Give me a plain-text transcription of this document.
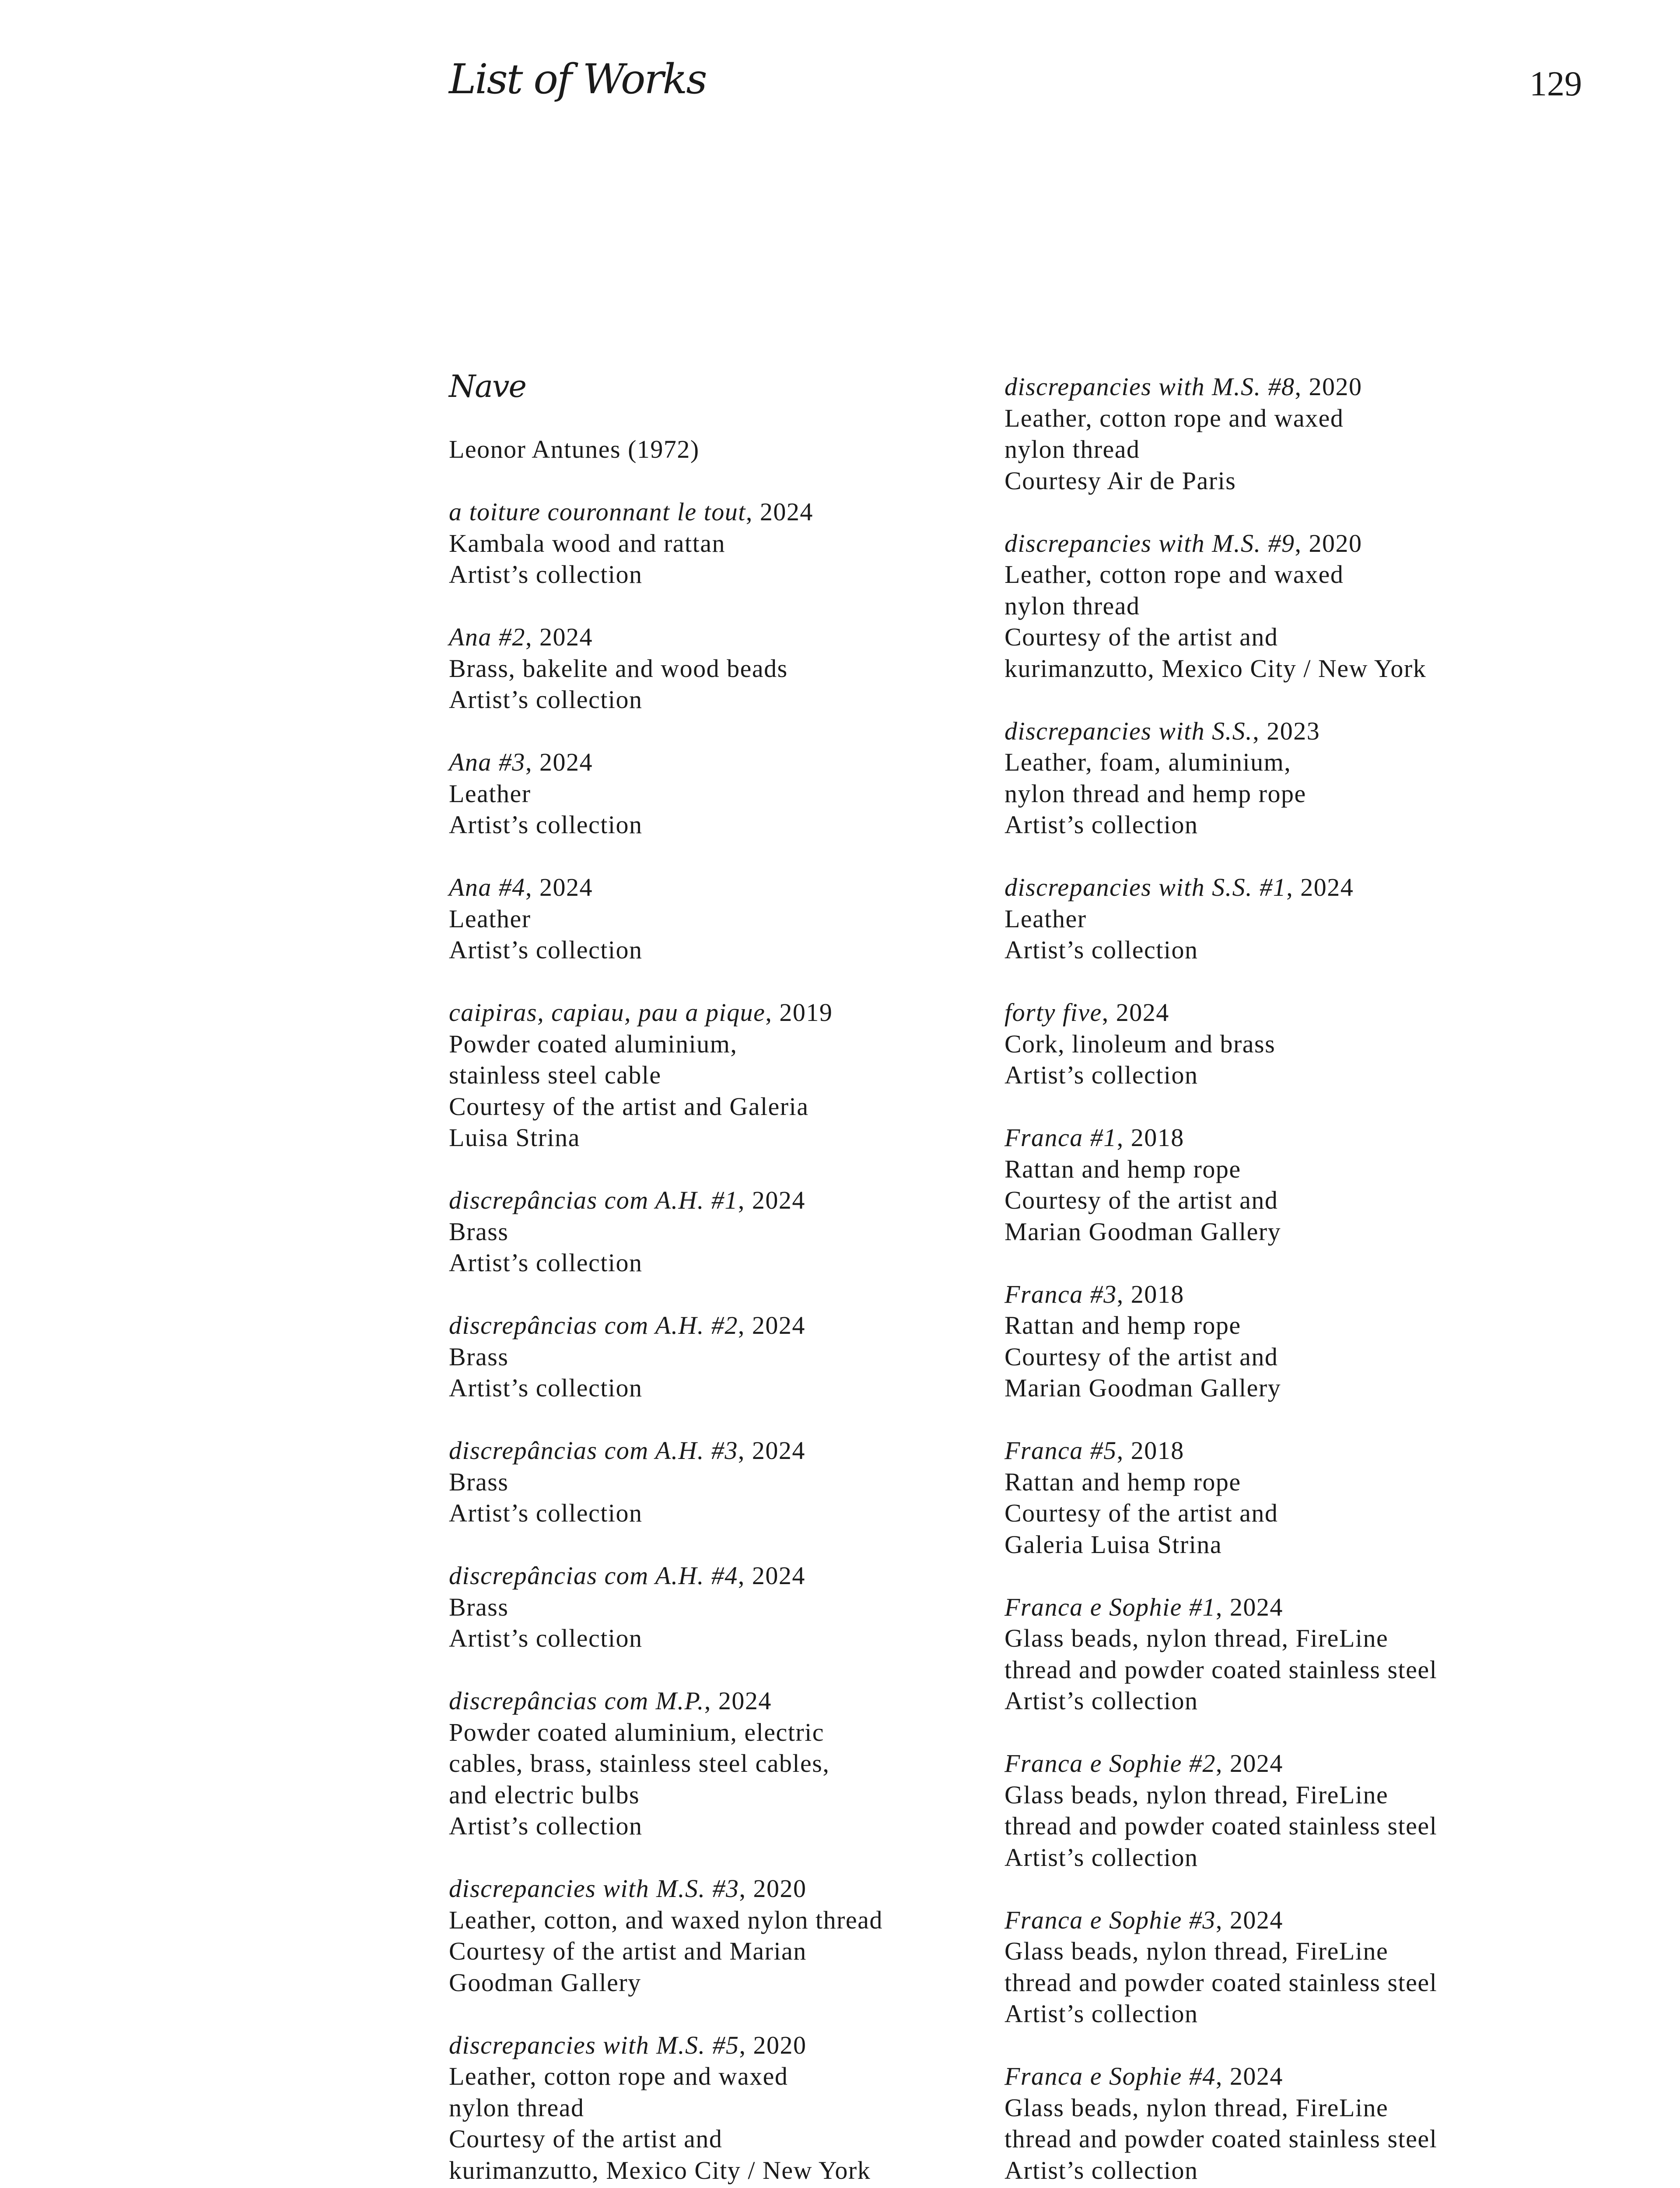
List of Works	129
Nave
Leonor Antunes (1972)
a toiture couronnant le tout, 2024
Kambala wood and rattan
Artist’s collection
Ana #2, 2024
Brass, bakelite and wood beads
Artist’s collection
Ana #3, 2024
Leather
Artist’s collection
Ana #4, 2024
Leather
Artist’s collection
caipiras, capiau, pau a pique, 2019
Powder coated aluminium,
stainless steel cable
Courtesy of the artist and Galeria
Luisa Strina
discrepâncias com A.H. #1, 2024
Brass
Artist’s collection
discrepâncias com A.H. #2, 2024
Brass
Artist’s collection
discrepâncias com A.H. #3, 2024
Brass
Artist’s collection
discrepâncias com A.H. #4, 2024
Brass
Artist’s collection
discrepâncias com M.P., 2024
Powder coated aluminium, electric
cables, brass, stainless steel cables,
and electric bulbs
Artist’s collection
discrepancies with M.S. #3, 2020
Leather, cotton, and waxed nylon thread
Courtesy of the artist and Marian
Goodman Gallery
discrepancies with M.S. #5, 2020
Leather, cotton rope and waxed
nylon thread
Courtesy of the artist and
kurimanzutto, Mexico City / New York
discrepancies with M.S. #8, 2020
Leather, cotton rope and waxed
nylon thread
Courtesy Air de Paris
discrepancies with M.S. #9, 2020
Leather, cotton rope and waxed
nylon thread
Courtesy of the artist and
kurimanzutto, Mexico City / New York
discrepancies with S.S., 2023
Leather, foam, aluminium,
nylon thread and hemp rope
Artist’s collection
discrepancies with S.S. #1, 2024
Leather
Artist’s collection
forty five, 2024
Cork, linoleum and brass
Artist’s collection
Franca #1, 2018
Rattan and hemp rope
Courtesy of the artist and
Marian Goodman Gallery
Franca #3, 2018
Rattan and hemp rope
Courtesy of the artist and
Marian Goodman Gallery
Franca #5, 2018
Rattan and hemp rope
Courtesy of the artist and
Galeria Luisa Strina
Franca e Sophie #1, 2024
Glass beads, nylon thread, FireLine
thread and powder coated stainless steel
Artist’s collection
Franca e Sophie #2, 2024
Glass beads, nylon thread, FireLine
thread and powder coated stainless steel
Artist’s collection
Franca e Sophie #3, 2024
Glass beads, nylon thread, FireLine
thread and powder coated stainless steel
Artist’s collection
Franca e Sophie #4, 2024
Glass beads, nylon thread, FireLine
thread and powder coated stainless steel
Artist’s collection
